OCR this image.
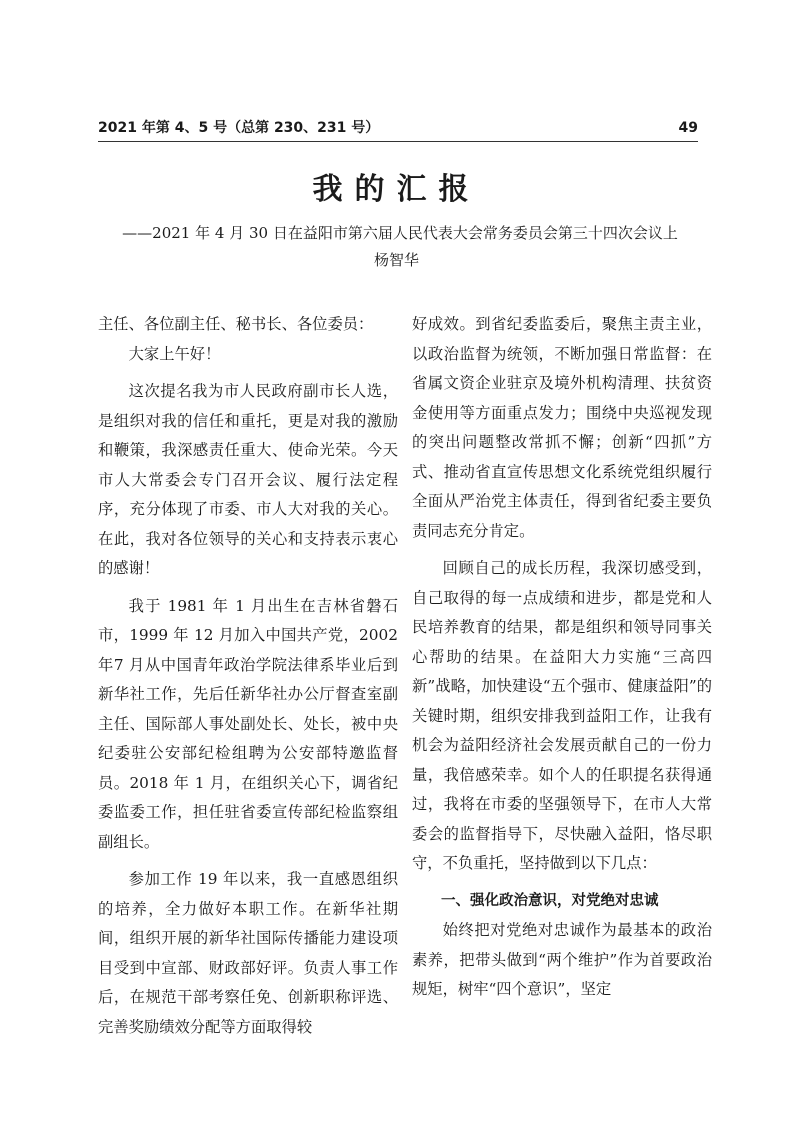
2021 年第 4、5 号（总第 230、231 号）	49
我的汇报
——2021 年 4 月 30 日在益阳市第六届人民代表大会常务委员会第三十四次会议上
杨智华

主任、各位副主任、秘书长、各位委员：

大家上午好！

这次提名我为市人民政府副市长人选，是组织对我的信任和重托，更是对我的激励和鞭策，我深感责任重大、使命光荣。今天市人大常委会专门召开会议、履行法定程序，充分体现了市委、市人大对我的关心。在此，我对各位领导的关心和支持表示衷心的感谢！

我于 1981 年 1 月出生在吉林省磐石市，1999 年 12 月加入中国共产党，2002 年7 月从中国青年政治学院法律系毕业后到新华社工作，先后任新华社办公厅督查室副主任、国际部人事处副处长、处长，被中央纪委驻公安部纪检组聘为公安部特邀监督员。2018 年 1 月，在组织关心下，调省纪委监委工作，担任驻省委宣传部纪检监察组副组长。

参加工作 19 年以来，我一直感恩组织的培养，全力做好本职工作。在新华社期间，组织开展的新华社国际传播能力建设项目受到中宣部、财政部好评。负责人事工作后，在规范干部考察任免、创新职称评选、完善奖励绩效分配等方面取得较

好成效。到省纪委监委后，聚焦主责主业，以政治监督为统领，不断加强日常监督：在省属文资企业驻京及境外机构清理、扶贫资金使用等方面重点发力；围绕中央巡视发现的突出问题整改常抓不懈；创新“四抓”方式、推动省直宣传思想文化系统党组织履行全面从严治党主体责任，得到省纪委主要负责同志充分肯定。

回顾自己的成长历程，我深切感受到，自己取得的每一点成绩和进步，都是党和人民培养教育的结果，都是组织和领导同事关心帮助的结果。在益阳大力实施“三高四新”战略，加快建设“五个强市、健康益阳”的关键时期，组织安排我到益阳工作，让我有机会为益阳经济社会发展贡献自己的一份力量，我倍感荣幸。如个人的任职提名获得通过，我将在市委的坚强领导下，在市人大常委会的监督指导下，尽快融入益阳，恪尽职守，不负重托，坚持做到以下几点：

一、强化政治意识，对党绝对忠诚

始终把对党绝对忠诚作为最基本的政治素养，把带头做到“两个维护”作为首要政治规矩，树牢“四个意识”，坚定
